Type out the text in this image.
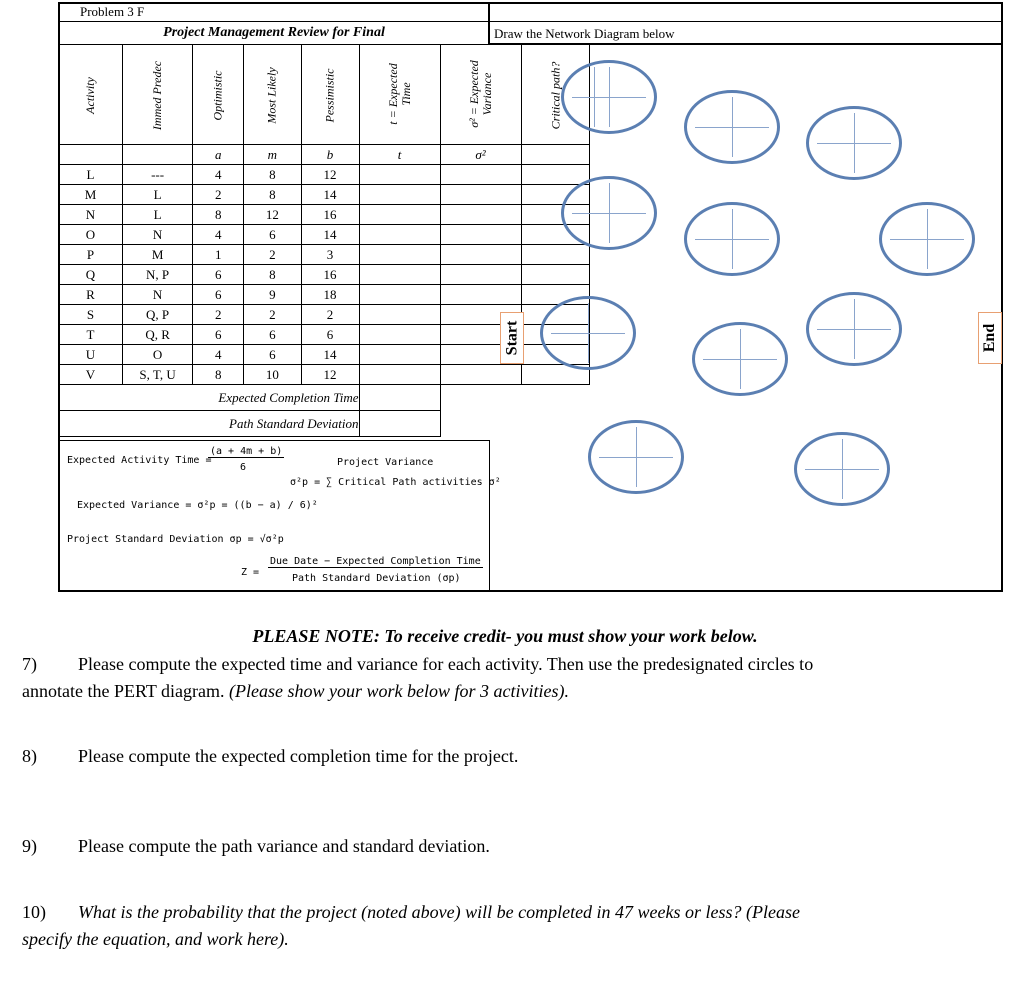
Problem 3 F
Project Management Review for Final	Draw the Network Diagram below
Activity	Immed Predec	Optimistic	Most Likely	Pessimistic	t = Expected Time	σ² = Expected Variance	Critical path?
		a	m	b	t	σ²	
L	---	4	8	12			
M	L	2	8	14			
N	L	8	12	16			
O	N	4	6	14			
P	M	1	2	3			
Q	N, P	6	8	16			
R	N	6	9	18			
S	Q, P	2	2	2			
T	Q, R	6	6	6			
U	O	4	6	14			
V	S, T, U	8	10	12			
Expected Completion Time							
Path Standard Deviation							
Expected Activity Time =
(a + 4m + b)
6	Project Variance
σ²p = ∑ Critical Path activities σ²
Expected Variance = σ²p = ((b − a) / 6)²
Project Standard Deviation σp = √σ²p
Z =
Due Date − Expected Completion Time
Path Standard Deviation (σp)
Start	End
PLEASE NOTE: To receive credit- you must show your work below.
7) Please compute the expected time and variance for each activity. Then use the predesignated circles to
annotate the PERT diagram. (Please show your work below for 3 activities).
8) Please compute the expected completion time for the project.
9) Please compute the path variance and standard deviation.
10) What is the probability that the project (noted above) will be completed in 47 weeks or less? (Please
specify the equation, and work here).
